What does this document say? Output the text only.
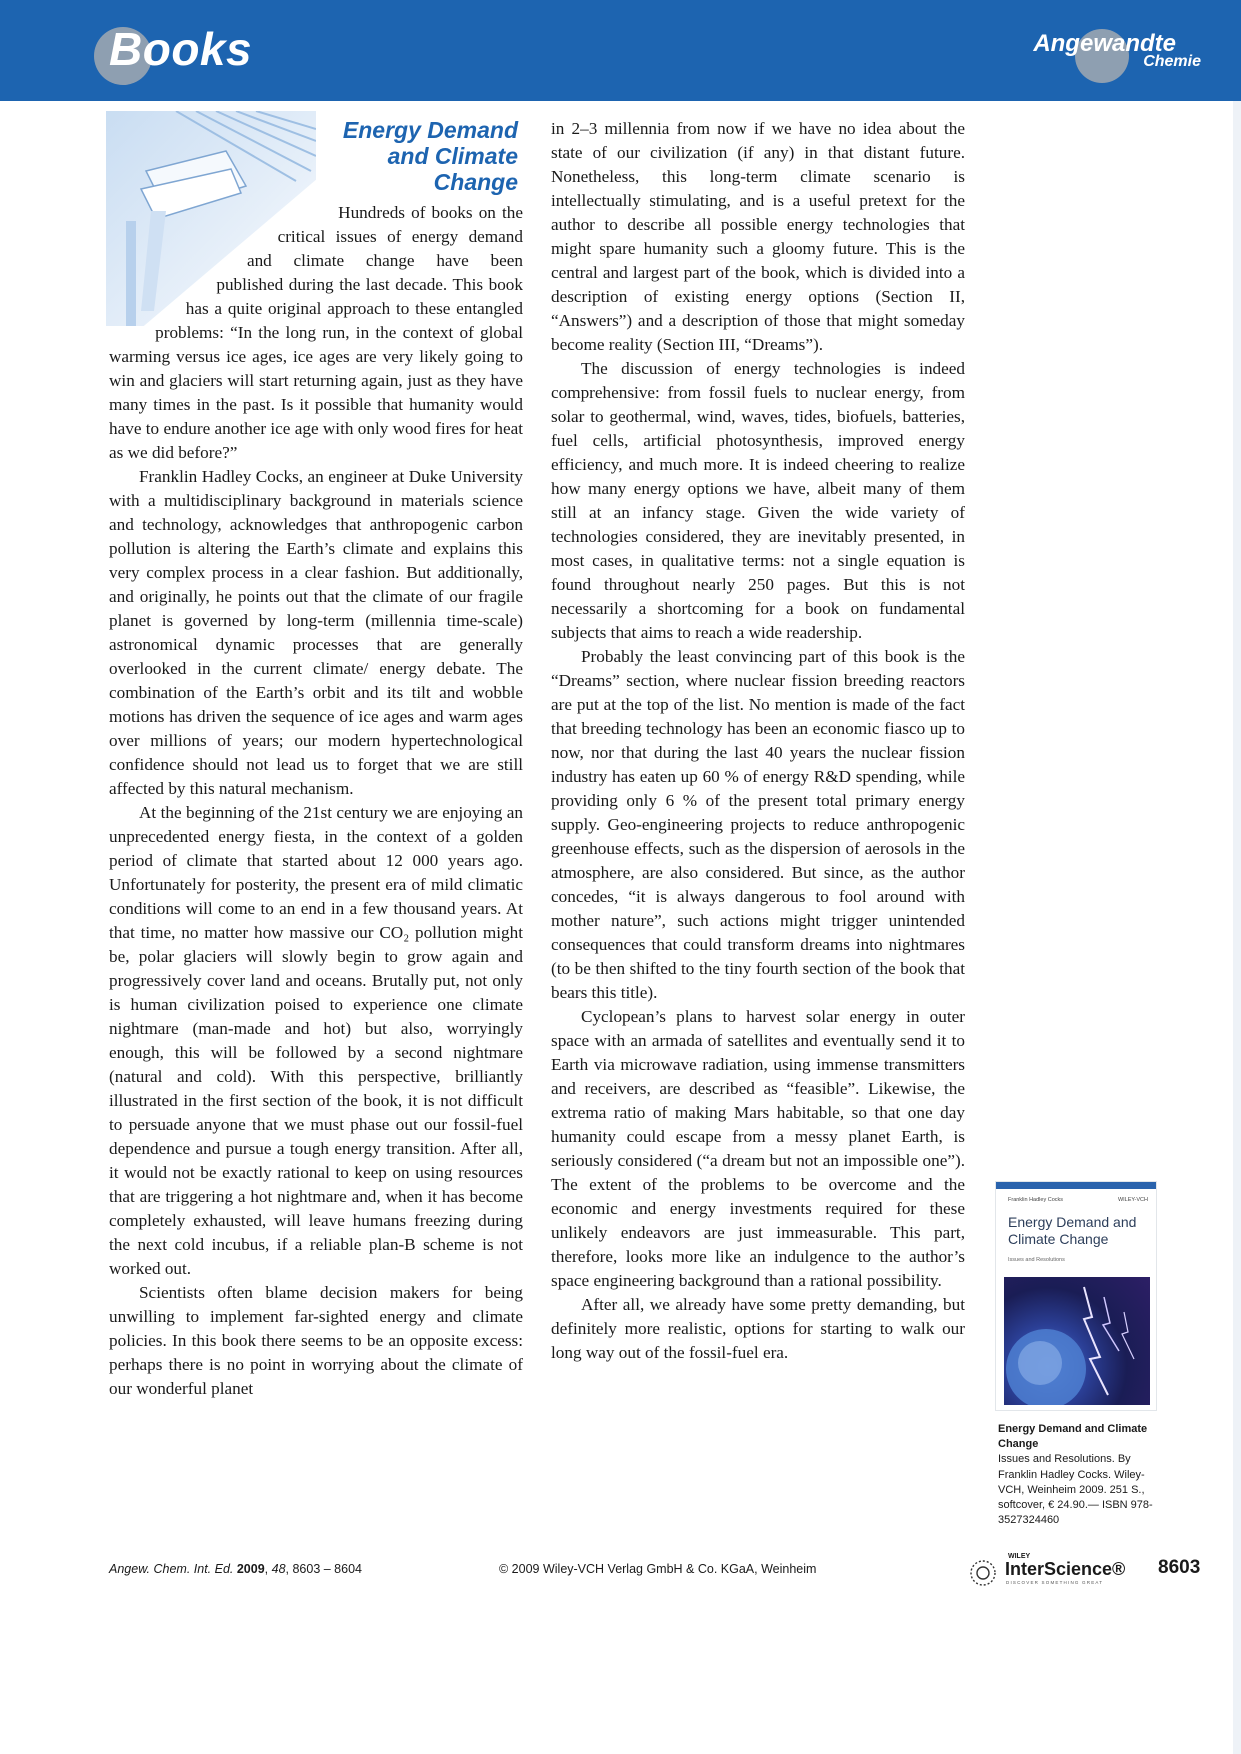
Books	Angewandte
Chemie
Energy Demand
and Climate Change

Hundreds of books on the critical issues of energy demand and climate change have been published during the last decade. This book has a quite original approach to these entangled problems: “In the long run, in the context of global warming versus ice ages, ice ages are very likely going to win and glaciers will start returning again, just as they have many times in the past. Is it possible that humanity would have to endure another ice age with only wood fires for heat as we did before?”

Franklin Hadley Cocks, an engineer at Duke University with a multidisciplinary background in materials science and technology, acknowledges that anthropogenic carbon pollution is altering the Earth’s climate and explains this very complex process in a clear fashion. But additionally, and originally, he points out that the climate of our fragile planet is governed by long-term (millennia time-scale) astronomical dynamic processes that are generally overlooked in the current climate/ energy debate. The combination of the Earth’s orbit and its tilt and wobble motions has driven the sequence of ice ages and warm ages over millions of years; our modern hypertechnological confidence should not lead us to forget that we are still affected by this natural mechanism.

At the beginning of the 21st century we are enjoying an unprecedented energy fiesta, in the context of a golden period of climate that started about 12 000 years ago. Unfortunately for posterity, the present era of mild climatic conditions will come to an end in a few thousand years. At that time, no matter how massive our CO₂ pollution might be, polar glaciers will slowly begin to grow again and progressively cover land and oceans. Brutally put, not only is human civilization poised to experience one climate nightmare (man-made and hot) but also, worryingly enough, this will be followed by a second nightmare (natural and cold). With this perspective, brilliantly illustrated in the first section of the book, it is not difficult to persuade anyone that we must phase out our fossil-fuel dependence and pursue a tough energy transition. After all, it would not be exactly rational to keep on using resources that are triggering a hot nightmare and, when it has become completely exhausted, will leave humans freezing during the next cold incubus, if a reliable plan-B scheme is not worked out.

Scientists often blame decision makers for being unwilling to implement far-sighted energy and climate policies. In this book there seems to be an opposite excess: perhaps there is no point in worrying about the climate of our wonderful planet

in 2–3 millennia from now if we have no idea about the state of our civilization (if any) in that distant future. Nonetheless, this long-term climate scenario is intellectually stimulating, and is a useful pretext for the author to describe all possible energy technologies that might spare humanity such a gloomy future. This is the central and largest part of the book, which is divided into a description of existing energy options (Section II, “Answers”) and a description of those that might someday become reality (Section III, “Dreams”).

The discussion of energy technologies is indeed comprehensive: from fossil fuels to nuclear energy, from solar to geothermal, wind, waves, tides, biofuels, batteries, fuel cells, artificial photosynthesis, improved energy efficiency, and much more. It is indeed cheering to realize how many energy options we have, albeit many of them still at an infancy stage. Given the wide variety of technologies considered, they are inevitably presented, in most cases, in qualitative terms: not a single equation is found throughout nearly 250 pages. But this is not necessarily a shortcoming for a book on fundamental subjects that aims to reach a wide readership.

Probably the least convincing part of this book is the “Dreams” section, where nuclear fission breeding reactors are put at the top of the list. No mention is made of the fact that breeding technology has been an economic fiasco up to now, nor that during the last 40 years the nuclear fission industry has eaten up 60 % of energy R&D spending, while providing only 6 % of the present total primary energy supply. Geo-engineering projects to reduce anthropogenic greenhouse effects, such as the dispersion of aerosols in the atmosphere, are also considered. But since, as the author concedes, “it is always dangerous to fool around with mother nature”, such actions might trigger unintended consequences that could transform dreams into nightmares (to be then shifted to the tiny fourth section of the book that bears this title).

Cyclopean’s plans to harvest solar energy in outer space with an armada of satellites and eventually send it to Earth via microwave radiation, using immense transmitters and receivers, are described as “feasible”. Likewise, the extrema ratio of making Mars habitable, so that one day humanity could escape from a messy planet Earth, is seriously considered (“a dream but not an impossible one”). The extent of the problems to be overcome and the economic and energy investments required for these unlikely endeavors are just immeasurable. This part, therefore, looks more like an indulgence to the author’s space engineering background than a rational possibility.

After all, we already have some pretty demanding, but definitely more realistic, options for starting to walk our long way out of the fossil-fuel era.

Franklin Hadley Cocks	WILEY-VCH
Energy Demand and Climate Change
Issues and Resolutions
Energy Demand and Climate Change
Issues and Resolutions. By Franklin Hadley Cocks. Wiley-VCH, Weinheim 2009. 251 S., softcover, € 24.90.— ISBN 978-3527324460
Angew. Chem. Int. Ed. 2009, 48, 8603 – 8604	© 2009 Wiley-VCH Verlag GmbH & Co. KGaA, Weinheim
WILEY
InterScience®
DISCOVER SOMETHING GREAT
8603
